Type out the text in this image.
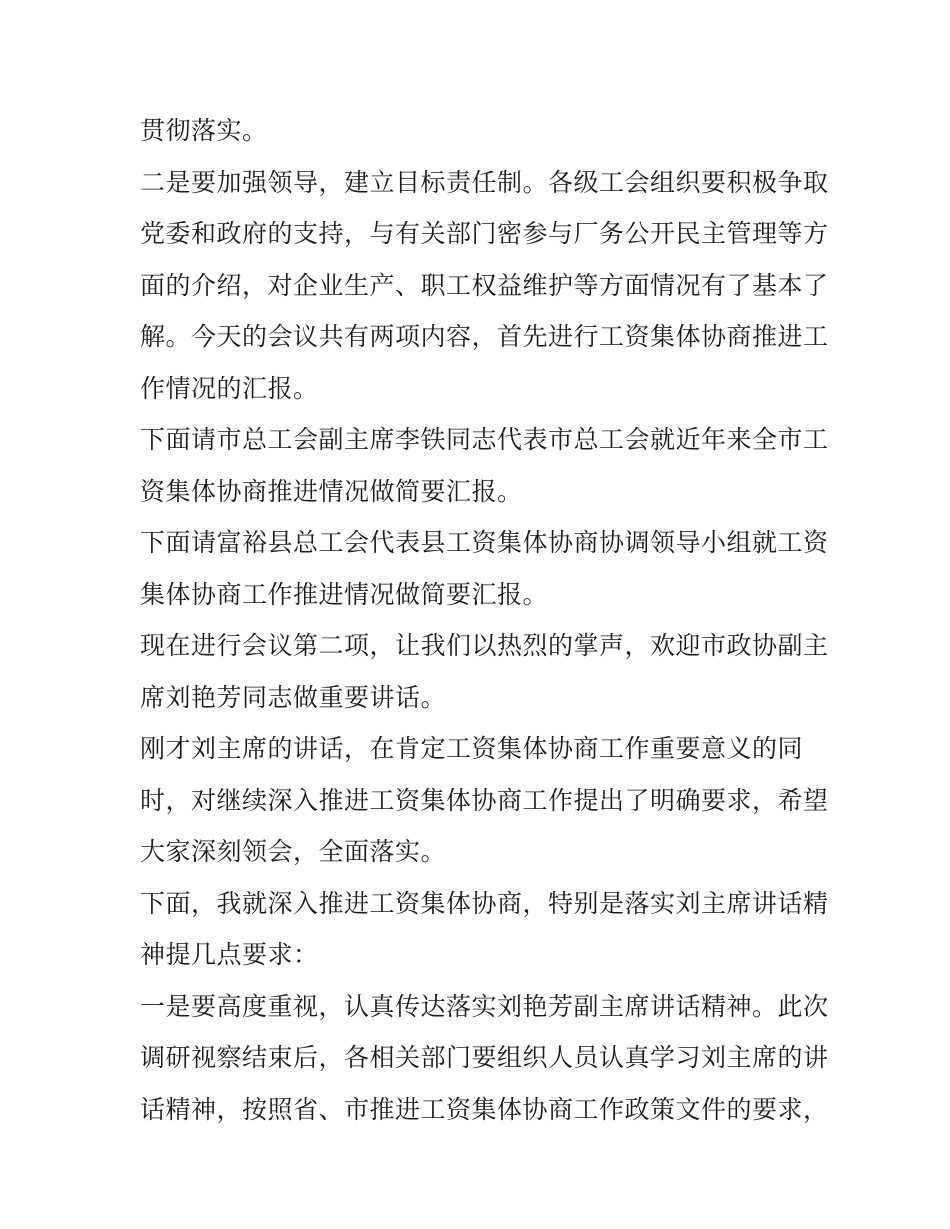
贯彻落实。
二是要加强领导，建立目标责任制。各级工会组织要积极争取
党委和政府的支持，与有关部门密参与厂务公开民主管理等方
面的介绍，对企业生产、职工权益维护等方面情况有了基本了
解。今天的会议共有两项内容，首先进行工资集体协商推进工
作情况的汇报。
下面请市总工会副主席李铁同志代表市总工会就近年来全市工
资集体协商推进情况做简要汇报。
下面请富裕县总工会代表县工资集体协商协调领导小组就工资
集体协商工作推进情况做简要汇报。
现在进行会议第二项，让我们以热烈的掌声，欢迎市政协副主
席刘艳芳同志做重要讲话。
刚才刘主席的讲话，在肯定工资集体协商工作重要意义的同
时，对继续深入推进工资集体协商工作提出了明确要求，希望
大家深刻领会，全面落实。
下面，我就深入推进工资集体协商，特别是落实刘主席讲话精
神提几点要求：
一是要高度重视，认真传达落实刘艳芳副主席讲话精神。此次
调研视察结束后，各相关部门要组织人员认真学习刘主席的讲
话精神，按照省、市推进工资集体协商工作政策文件的要求，
